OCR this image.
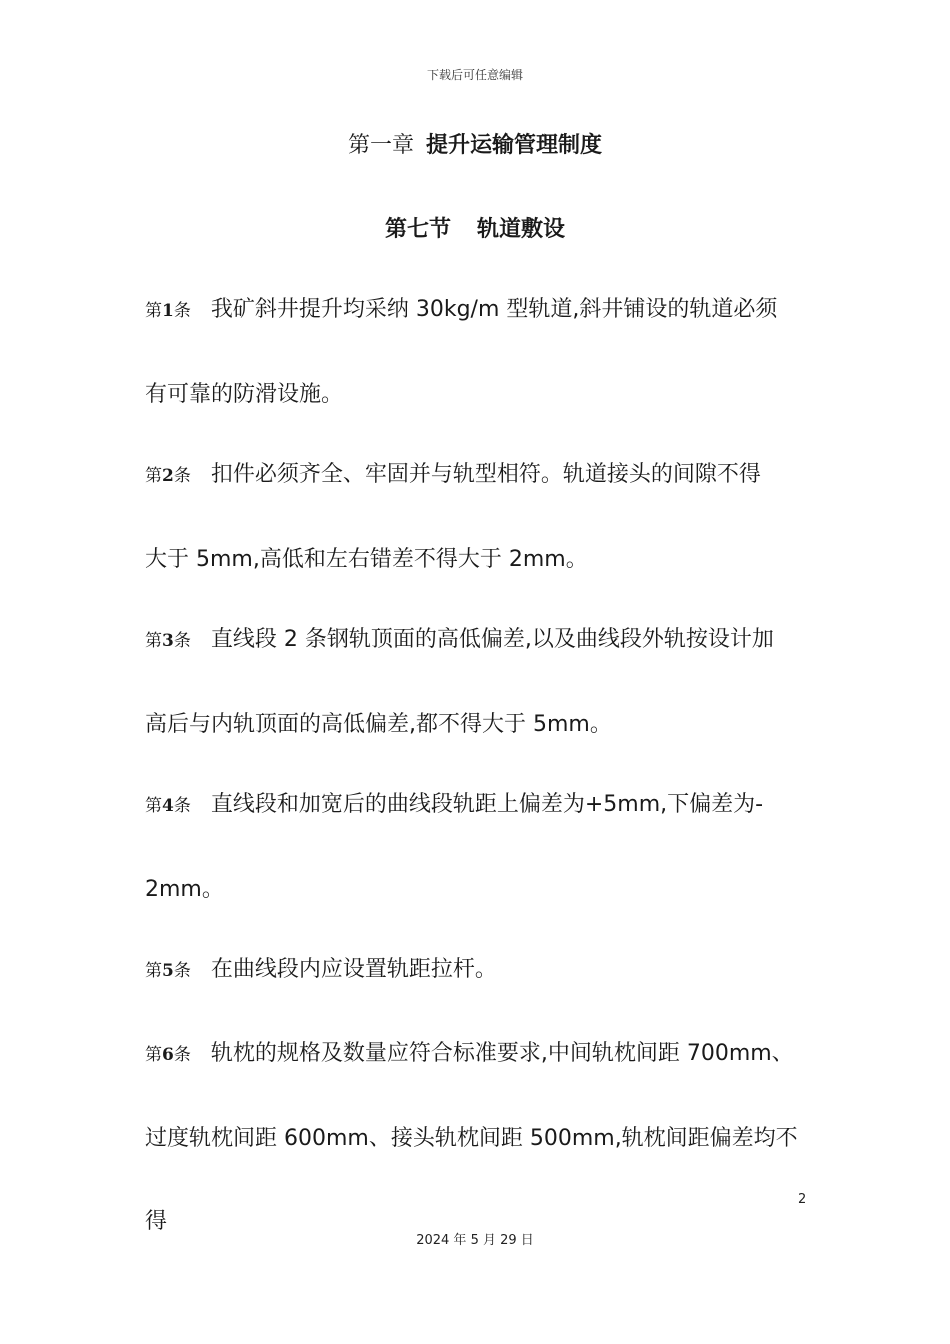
下载后可任意编辑
第一章 提升运输管理制度
第七节 轨道敷设
第1条 我矿斜井提升均采纳 30kg/m 型轨道,斜井铺设的轨道必须
有可靠的防滑设施。
第2条 扣件必须齐全、牢固并与轨型相符。轨道接头的间隙不得
大于 5mm,高低和左右错差不得大于 2mm。
第3条 直线段 2 条钢轨顶面的高低偏差,以及曲线段外轨按设计加
高后与内轨顶面的高低偏差,都不得大于 5mm。
第4条 直线段和加宽后的曲线段轨距上偏差为+5mm,下偏差为-
2mm。
第5条 在曲线段内应设置轨距拉杆。
第6条 轨枕的规格及数量应符合标准要求,中间轨枕间距 700mm、
过度轨枕间距 600mm、接头轨枕间距 500mm,轨枕间距偏差均不得
2
2024 年 5 月 29 日
